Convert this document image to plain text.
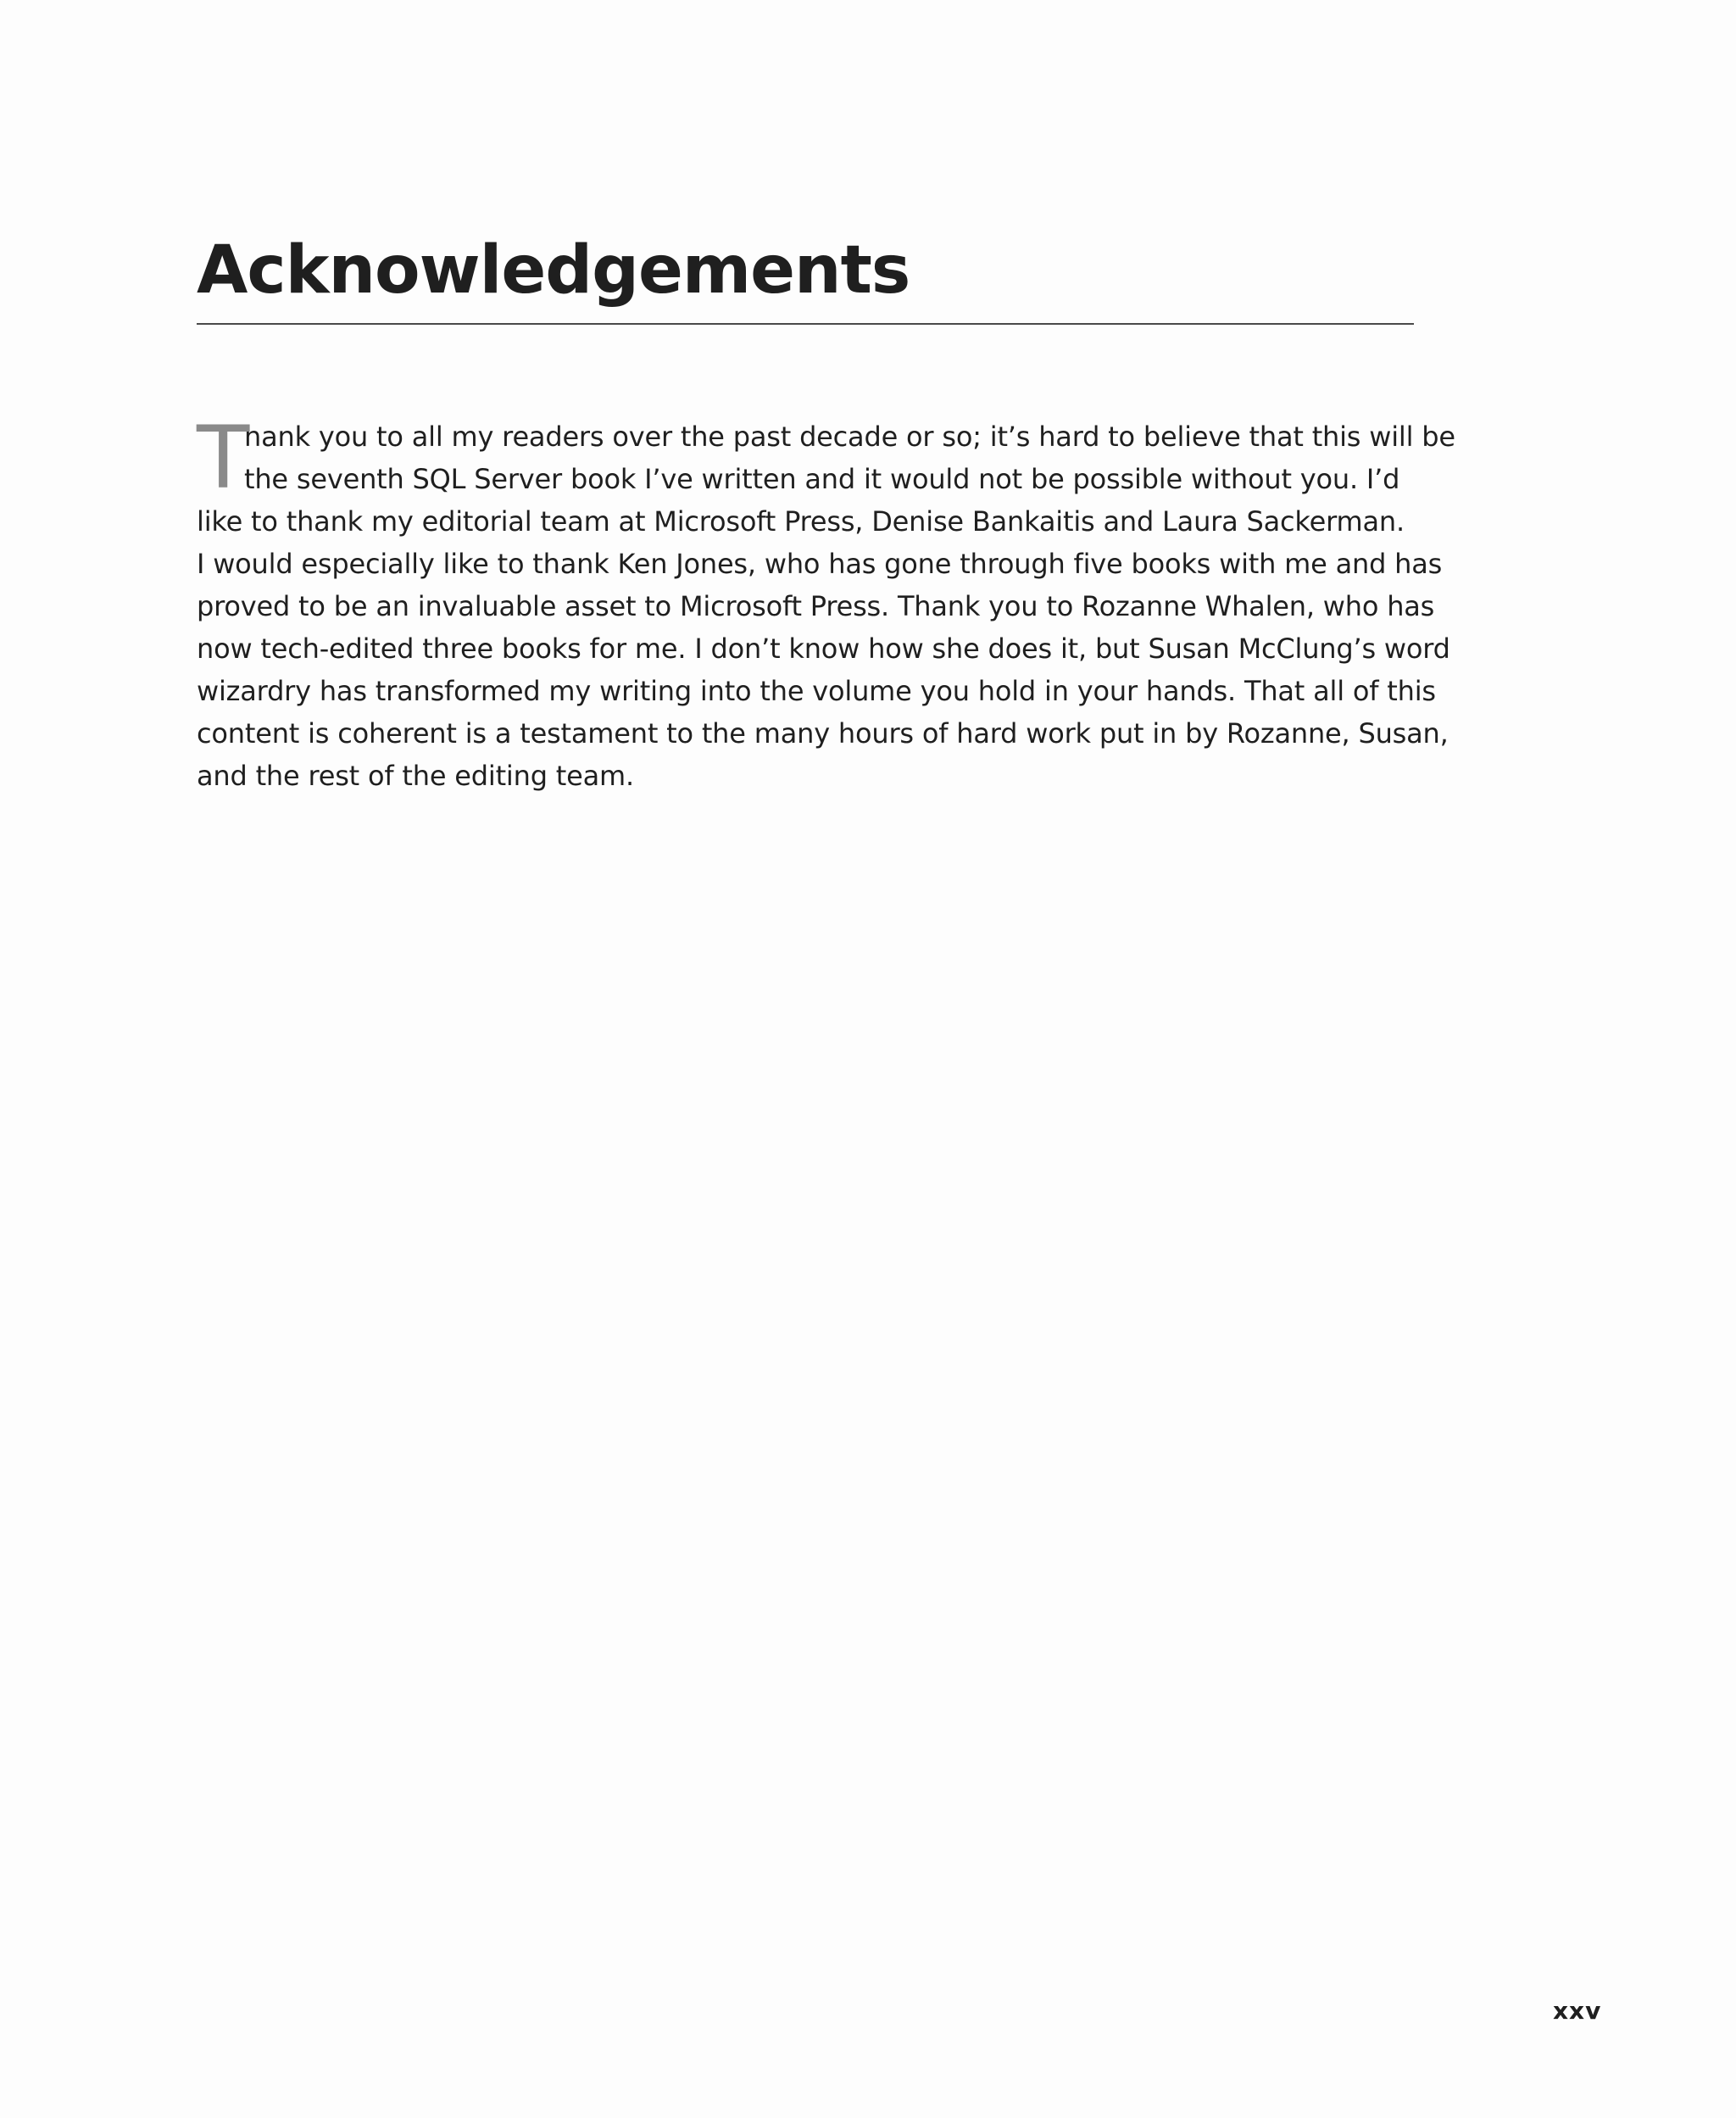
Acknowledgements
T
hank you to all my readers over the past decade or so; it’s hard to believe that this will be
the seventh SQL Server book I’ve written and it would not be possible without you. I’d
like to thank my editorial team at Microsoft Press, Denise Bankaitis and Laura Sackerman.
I would especially like to thank Ken Jones, who has gone through five books with me and has
proved to be an invaluable asset to Microsoft Press. Thank you to Rozanne Whalen, who has
now tech-edited three books for me. I don’t know how she does it, but Susan McClung’s word
wizardry has transformed my writing into the volume you hold in your hands. That all of this
content is coherent is a testament to the many hours of hard work put in by Rozanne, Susan,
and the rest of the editing team.
xxv
